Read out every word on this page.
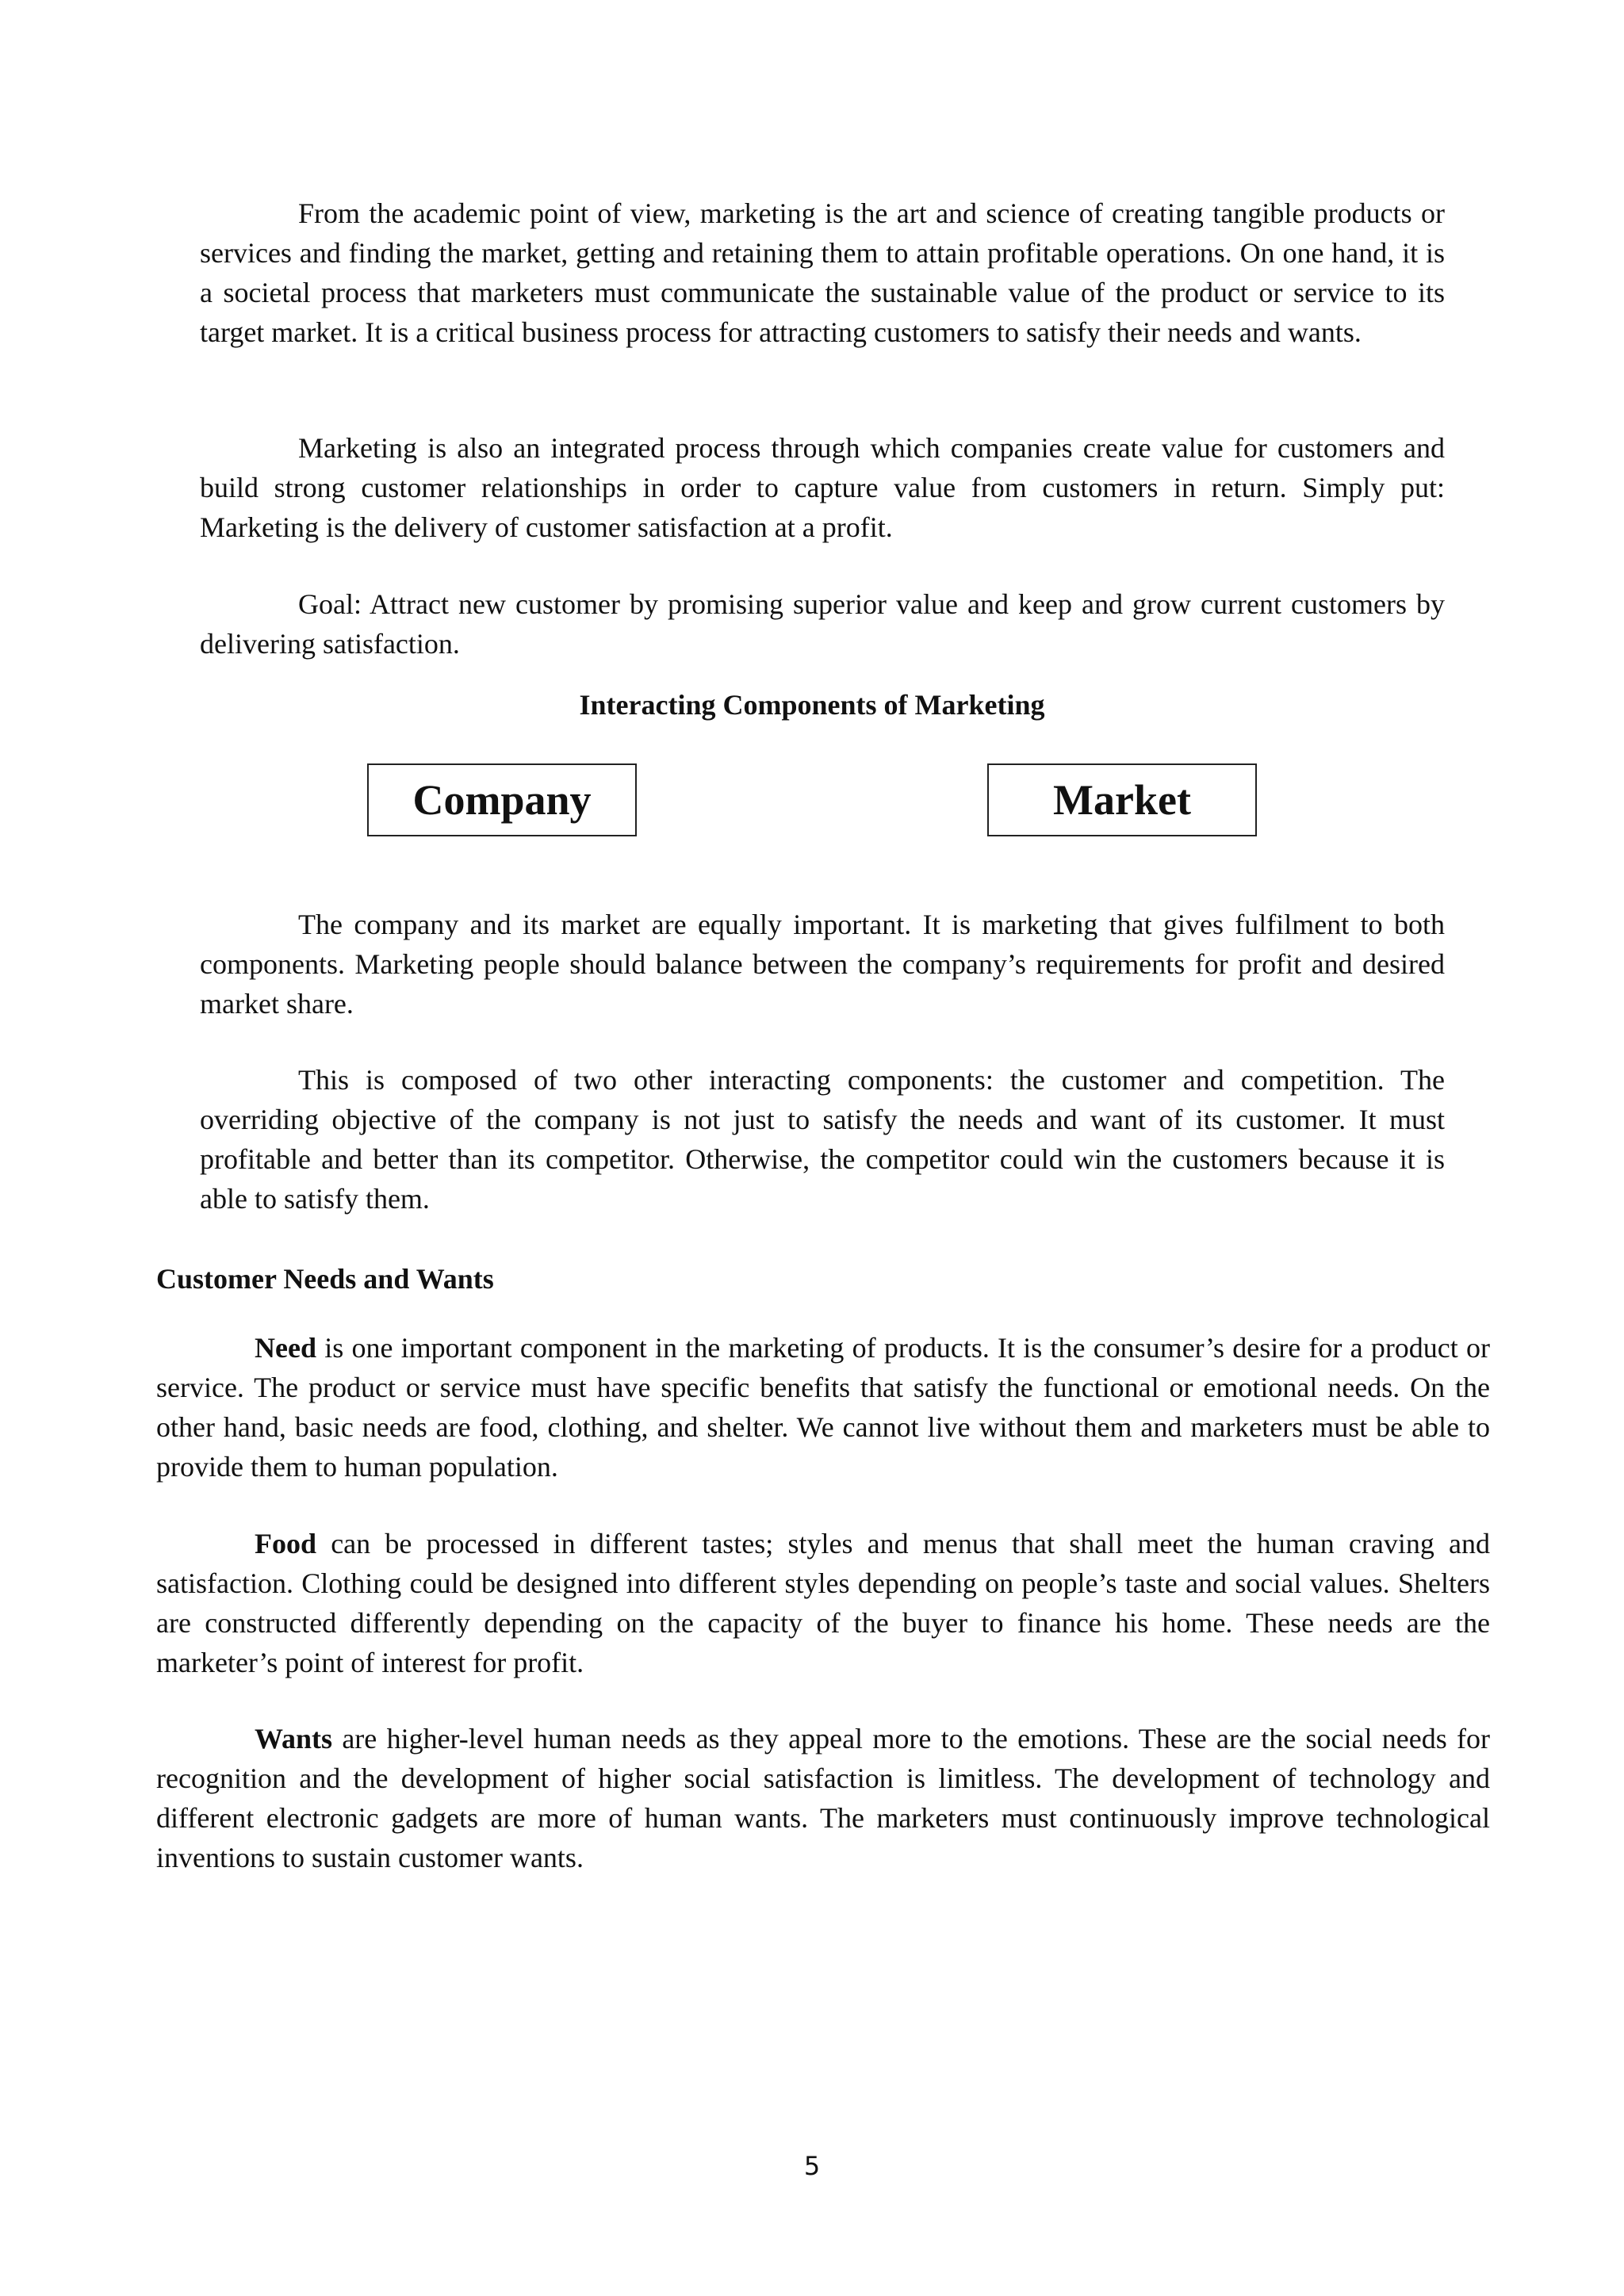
From the academic point of view, marketing is the art and science of creating tangible products or services and finding the market, getting and retaining them to attain profitable operations. On one hand, it is a societal process that marketers must communicate the sustainable value of the product or service to its target market. It is a critical business process for attracting customers to satisfy their needs and wants.

Marketing is also an integrated process through which companies create value for customers and build strong customer relationships in order to capture value from customers in return. Simply put: Marketing is the delivery of customer satisfaction at a profit.

Goal: Attract new customer by promising superior value and keep and grow current customers by delivering satisfaction.

Interacting Components of Marketing
Company	Market

The company and its market are equally important. It is marketing that gives fulfilment to both components. Marketing people should balance between the company’s requirements for profit and desired market share.

This is composed of two other interacting components: the customer and competition. The overriding objective of the company is not just to satisfy the needs and want of its customer. It must profitable and better than its competitor. Otherwise, the competitor could win the customers because it is able to satisfy them.

Customer Needs and Wants

Need is one important component in the marketing of products. It is the consumer’s desire for a product or service. The product or service must have specific benefits that satisfy the functional or emotional needs. On the other hand, basic needs are food, clothing, and shelter. We cannot live without them and marketers must be able to provide them to human population.

Food can be processed in different tastes; styles and menus that shall meet the human craving and satisfaction. Clothing could be designed into different styles depending on people’s taste and social values. Shelters are constructed differently depending on the capacity of the buyer to finance his home. These needs are the marketer’s point of interest for profit.

Wants are higher-level human needs as they appeal more to the emotions. These are the social needs for recognition and the development of higher social satisfaction is limitless. The development of technology and different electronic gadgets are more of human wants. The marketers must continuously improve technological inventions to sustain customer wants.

5
